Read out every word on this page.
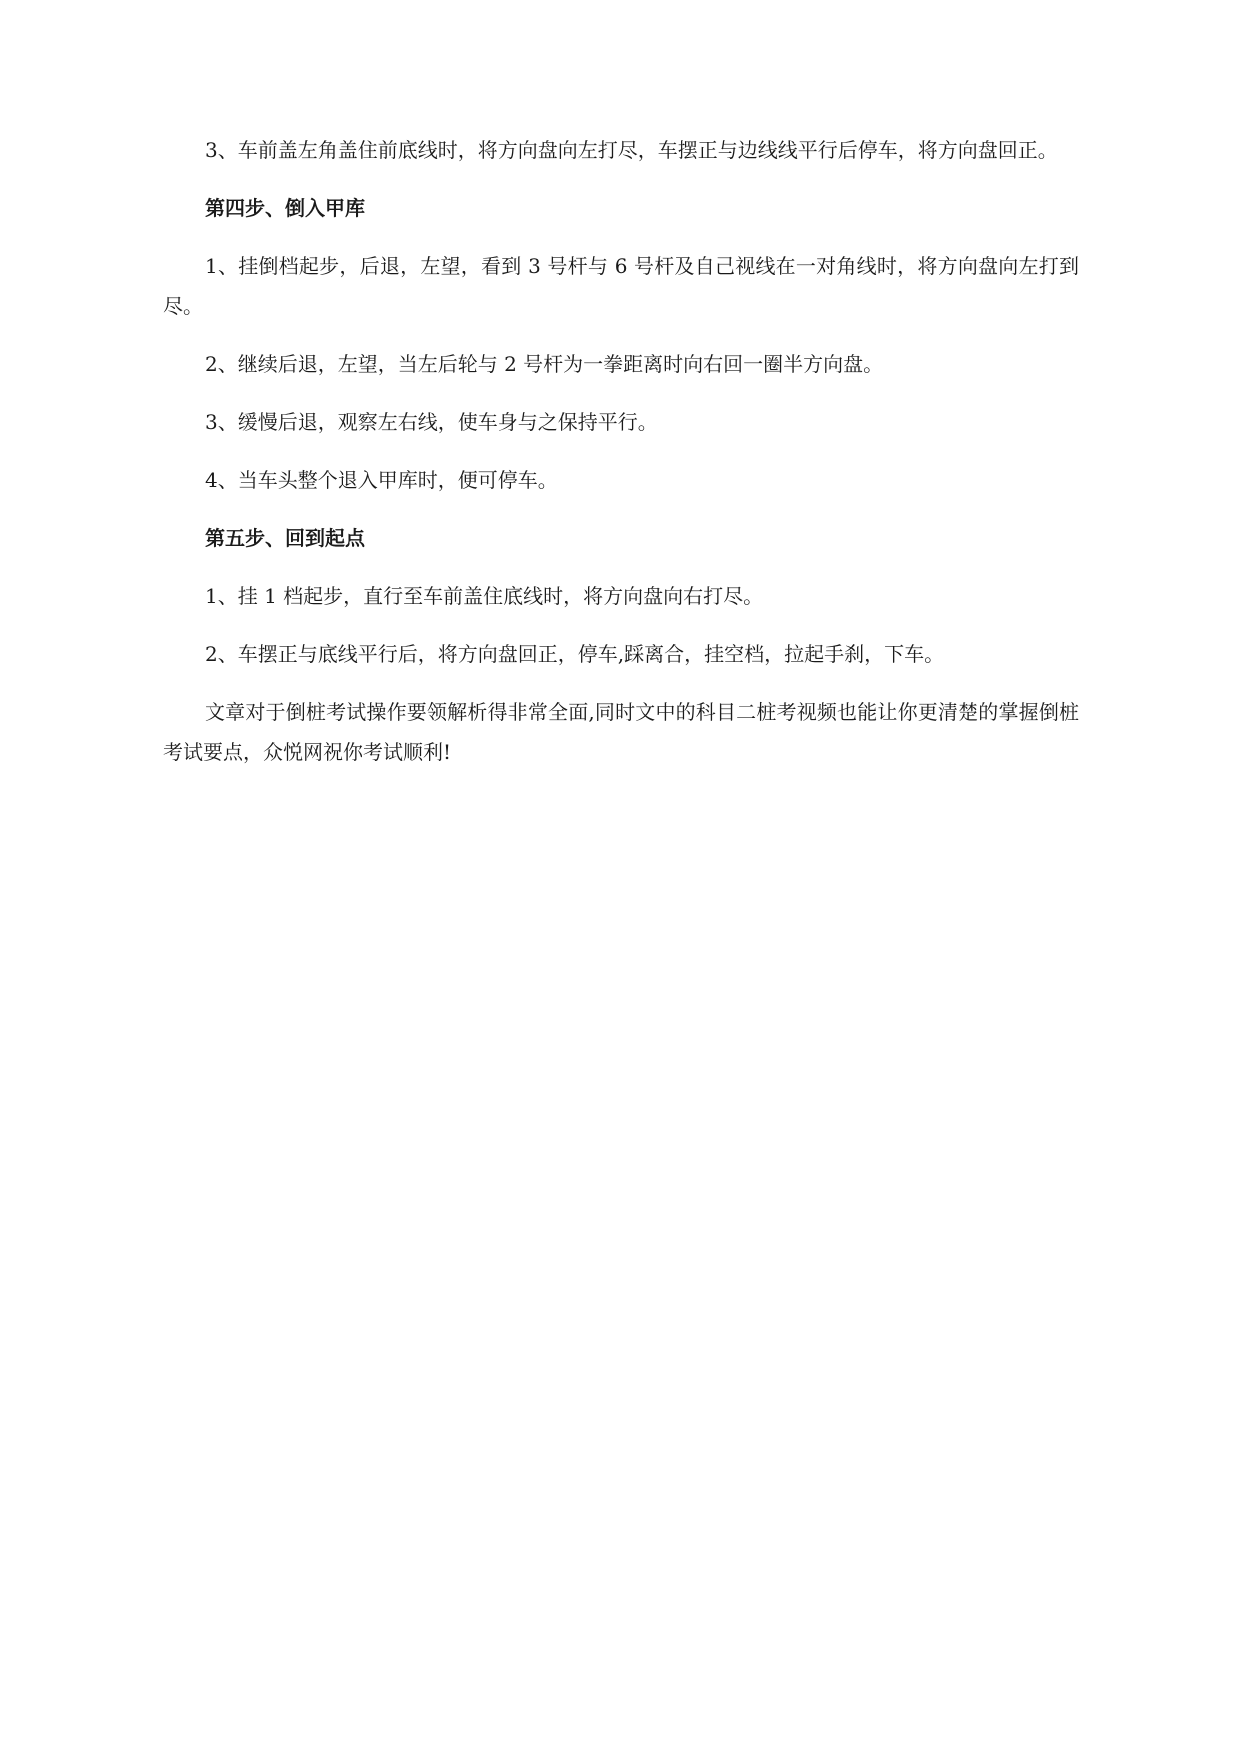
3、车前盖左角盖住前底线时，将方向盘向左打尽，车摆正与边线线平行后停车，将方向盘回正。

第四步、倒入甲库

1、挂倒档起步，后退，左望，看到 3 号杆与 6 号杆及自己视线在一对角线时，将方向盘向左打到尽。

2、继续后退，左望，当左后轮与 2 号杆为一拳距离时向右回一圈半方向盘。

3、缓慢后退，观察左右线，使车身与之保持平行。

4、当车头整个退入甲库时，便可停车。

第五步、回到起点

1、挂 1 档起步，直行至车前盖住底线时，将方向盘向右打尽。

2、车摆正与底线平行后，将方向盘回正，停车,踩离合，挂空档，拉起手刹，下车。

文章对于倒桩考试操作要领解析得非常全面,同时文中的科目二桩考视频也能让你更清楚的掌握倒桩考试要点，众悦网祝你考试顺利!
